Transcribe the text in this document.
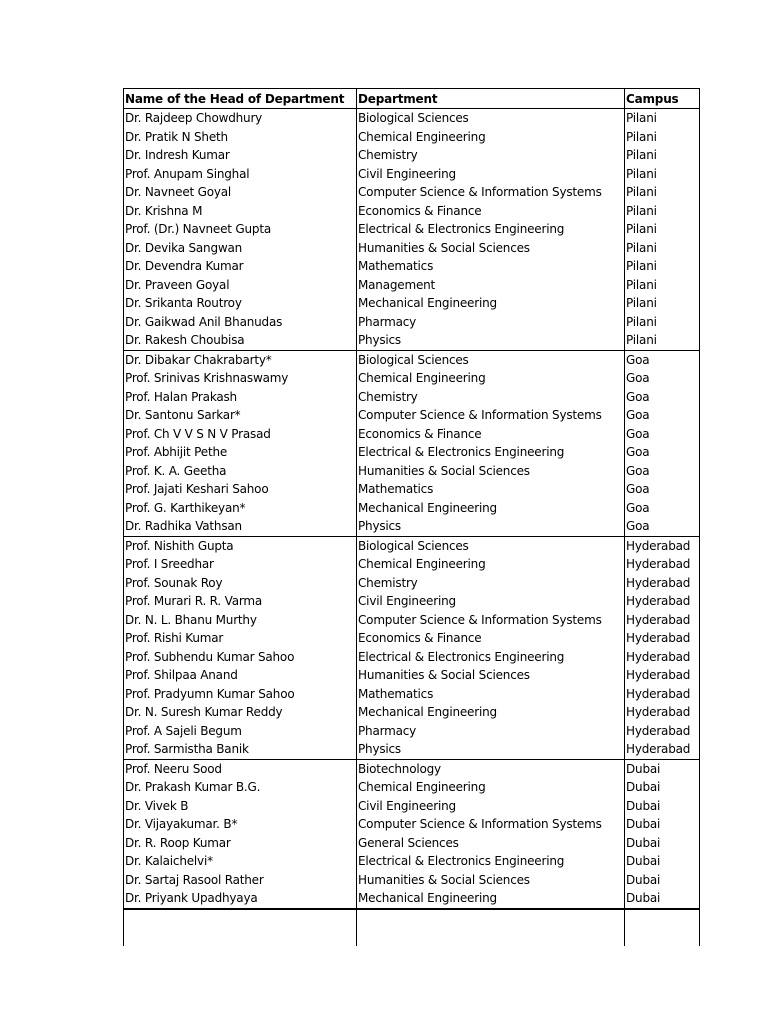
Name of the Head of Department	Department	Campus
Dr. Rajdeep Chowdhury	Biological Sciences	Pilani
Dr. Pratik N Sheth	Chemical Engineering	Pilani
Dr. Indresh Kumar	Chemistry	Pilani
Prof. Anupam Singhal	Civil Engineering	Pilani
Dr. Navneet Goyal	Computer Science & Information Systems	Pilani
Dr. Krishna M	Economics & Finance	Pilani
Prof. (Dr.) Navneet Gupta	Electrical & Electronics Engineering	Pilani
Dr. Devika Sangwan	Humanities & Social Sciences	Pilani
Dr. Devendra Kumar	Mathematics	Pilani
Dr. Praveen Goyal	Management	Pilani
Dr. Srikanta Routroy	Mechanical Engineering	Pilani
Dr. Gaikwad Anil Bhanudas	Pharmacy	Pilani
Dr. Rakesh Choubisa	Physics	Pilani
Dr. Dibakar Chakrabarty*	Biological Sciences	Goa
Prof. Srinivas Krishnaswamy	Chemical Engineering	Goa
Prof. Halan Prakash	Chemistry	Goa
Dr. Santonu Sarkar*	Computer Science & Information Systems	Goa
Prof. Ch V V S N V Prasad	Economics & Finance	Goa
Prof. Abhijit Pethe	Electrical & Electronics Engineering	Goa
Prof. K. A. Geetha	Humanities & Social Sciences	Goa
Prof. Jajati Keshari Sahoo	Mathematics	Goa
Prof. G. Karthikeyan*	Mechanical Engineering	Goa
Dr. Radhika Vathsan	Physics	Goa
Prof. Nishith Gupta	Biological Sciences	Hyderabad
Prof. I Sreedhar	Chemical Engineering	Hyderabad
Prof. Sounak Roy	Chemistry	Hyderabad
Prof. Murari R. R. Varma	Civil Engineering	Hyderabad
Dr. N. L. Bhanu Murthy	Computer Science & Information Systems	Hyderabad
Prof. Rishi Kumar	Economics & Finance	Hyderabad
Prof. Subhendu Kumar Sahoo	Electrical & Electronics Engineering	Hyderabad
Prof. Shilpaa Anand	Humanities & Social Sciences	Hyderabad
Prof. Pradyumn Kumar Sahoo	Mathematics	Hyderabad
Dr. N. Suresh Kumar Reddy	Mechanical Engineering	Hyderabad
Prof. A Sajeli Begum	Pharmacy	Hyderabad
Prof. Sarmistha Banik	Physics	Hyderabad
Prof. Neeru Sood	Biotechnology	Dubai
Dr. Prakash Kumar B.G.	Chemical Engineering	Dubai
Dr. Vivek B	Civil Engineering	Dubai
Dr. Vijayakumar. B*	Computer Science & Information Systems	Dubai
Dr. R. Roop Kumar	General Sciences	Dubai
Dr. Kalaichelvi*	Electrical & Electronics Engineering	Dubai
Dr. Sartaj Rasool Rather	Humanities & Social Sciences	Dubai
Dr. Priyank Upadhyaya	Mechanical Engineering	Dubai
